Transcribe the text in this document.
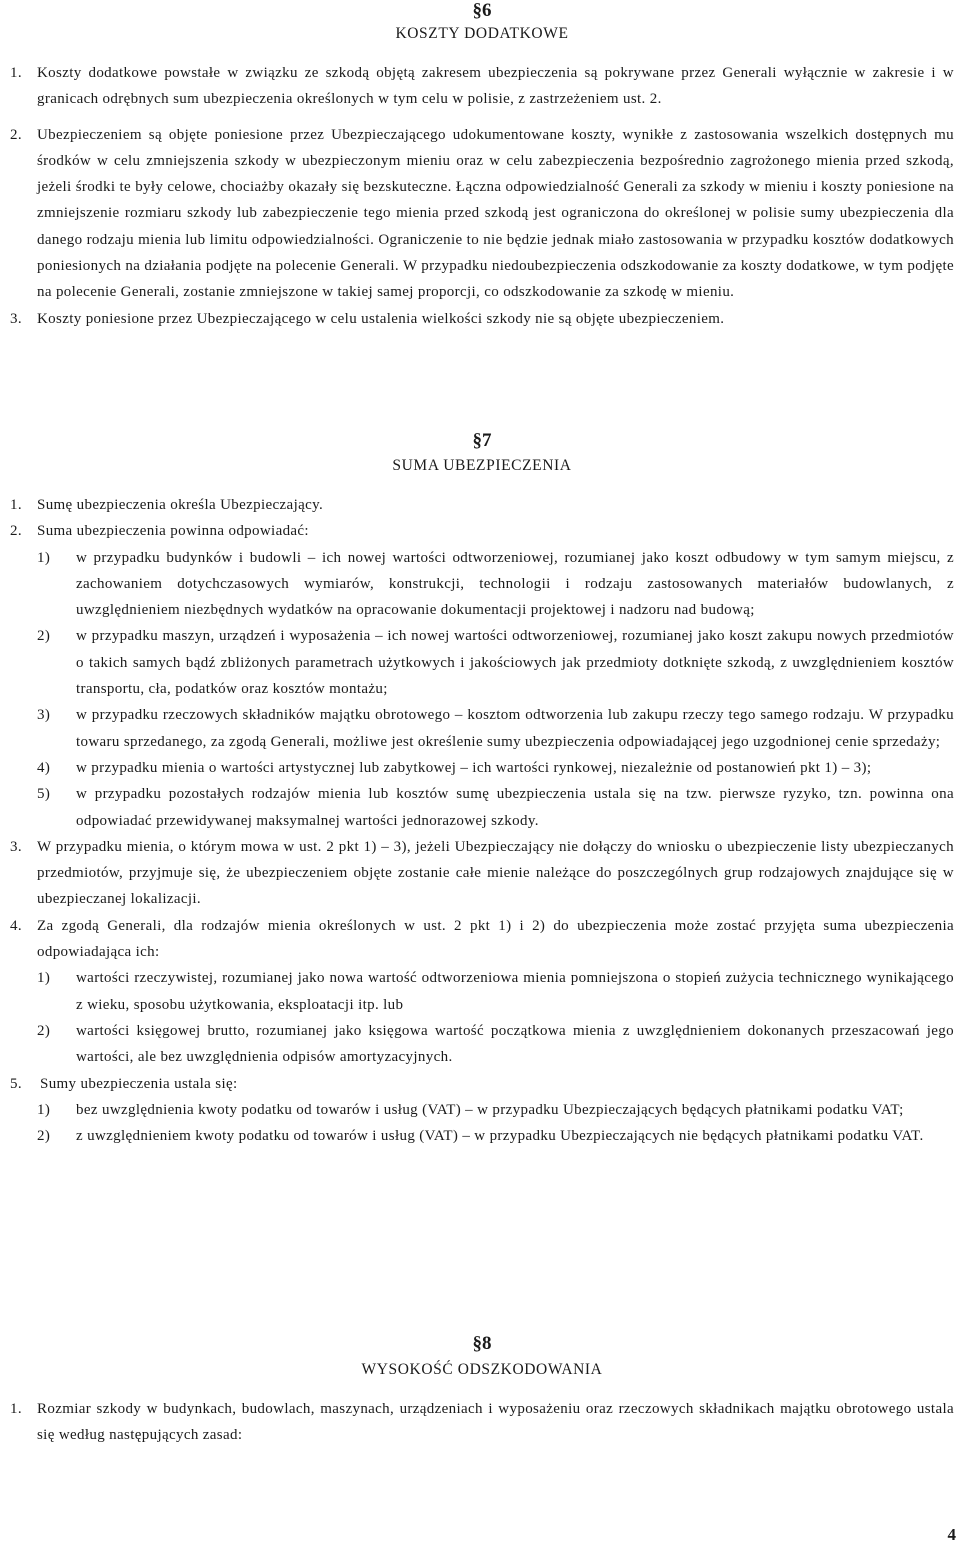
§6
KOSZTY DODATKOWE
1.	Koszty dodatkowe powstałe w związku ze szkodą objętą zakresem ubezpieczenia są pokrywane przez Generali wyłącznie w zakresie i w granicach odrębnych sum ubezpieczenia określonych w tym celu w polisie, z zastrzeżeniem ust. 2.
2.	Ubezpieczeniem są objęte poniesione przez Ubezpieczającego udokumentowane koszty, wynikłe z zastosowania wszelkich dostępnych mu środków w celu zmniejszenia szkody w ubezpieczonym mieniu oraz w celu zabezpieczenia bezpośrednio zagrożonego mienia przed szkodą, jeżeli środki te były celowe, chociażby okazały się bezskuteczne. Łączna odpowiedzialność Generali za szkody w mieniu i koszty poniesione na zmniejszenie rozmiaru szkody lub zabezpieczenie tego mienia przed szkodą jest ograniczona do określonej w polisie sumy ubezpieczenia dla danego rodzaju mienia lub limitu odpowiedzialności. Ograniczenie to nie będzie jednak miało zastosowania w przypadku kosztów dodatkowych poniesionych na działania podjęte na polecenie Generali. W przypadku niedoubezpieczenia odszkodowanie za koszty dodatkowe, w tym podjęte na polecenie Generali, zostanie zmniejszone w takiej samej proporcji, co odszkodowanie za szkodę w mieniu.
3.	Koszty poniesione przez Ubezpieczającego w celu ustalenia wielkości szkody nie są objęte ubezpieczeniem.
§7
SUMA UBEZPIECZENIA
1.	Sumę ubezpieczenia określa Ubezpieczający.
2.	Suma ubezpieczenia powinna odpowiadać:
1)	w przypadku budynków i budowli – ich nowej wartości odtworzeniowej, rozumianej jako koszt odbudowy w tym samym miejscu, z zachowaniem dotychczasowych wymiarów, konstrukcji, technologii i rodzaju zastosowanych materiałów budowlanych, z uwzględnieniem niezbędnych wydatków na opracowanie dokumentacji projektowej i nadzoru nad budową;
2)	w przypadku maszyn, urządzeń i wyposażenia – ich nowej wartości odtworzeniowej, rozumianej jako koszt zakupu nowych przedmiotów o takich samych bądź zbliżonych parametrach użytkowych i jakościowych jak przedmioty dotknięte szkodą, z uwzględnieniem kosztów transportu, cła, podatków oraz kosztów montażu;
3)	w przypadku rzeczowych składników majątku obrotowego – kosztom odtworzenia lub zakupu rzeczy tego samego rodzaju. W przypadku towaru sprzedanego, za zgodą Generali, możliwe jest określenie sumy ubezpieczenia odpowiadającej jego uzgodnionej cenie sprzedaży;
4)	w przypadku mienia o wartości artystycznej lub zabytkowej – ich wartości rynkowej, niezależnie od postanowień pkt 1) – 3);
5)	w przypadku pozostałych rodzajów mienia lub kosztów sumę ubezpieczenia ustala się na tzw. pierwsze ryzyko, tzn. powinna ona odpowiadać przewidywanej maksymalnej wartości jednorazowej szkody.
3.	W przypadku mienia, o którym mowa w ust. 2 pkt 1) – 3), jeżeli Ubezpieczający nie dołączy do wniosku o ubezpieczenie listy ubezpieczanych przedmiotów, przyjmuje się, że ubezpieczeniem objęte zostanie całe mienie należące do poszczególnych grup rodzajowych znajdujące się w ubezpieczanej lokalizacji.
4.	Za zgodą Generali, dla rodzajów mienia określonych w ust. 2 pkt 1) i 2) do ubezpieczenia może zostać przyjęta suma ubezpieczenia odpowiadająca ich:
1)	wartości rzeczywistej, rozumianej jako nowa wartość odtworzeniowa mienia pomniejszona o stopień zużycia technicznego wynikającego z wieku, sposobu użytkowania, eksploatacji itp. lub
2)	wartości księgowej brutto, rozumianej jako księgowa wartość początkowa mienia z uwzględnieniem dokonanych przeszacowań jego wartości, ale bez uwzględnienia odpisów amortyzacyjnych.
5.	Sumy ubezpieczenia ustala się:
1)	bez uwzględnienia kwoty podatku od towarów i usług (VAT) – w przypadku Ubezpieczających będących płatnikami podatku VAT;
2)	z uwzględnieniem kwoty podatku od towarów i usług (VAT) – w przypadku Ubezpieczających nie będących płatnikami podatku VAT.
§8
WYSOKOŚĆ ODSZKODOWANIA
1.	Rozmiar szkody w budynkach, budowlach, maszynach, urządzeniach i wyposażeniu oraz rzeczowych składnikach majątku obrotowego ustala się według następujących zasad:
4
